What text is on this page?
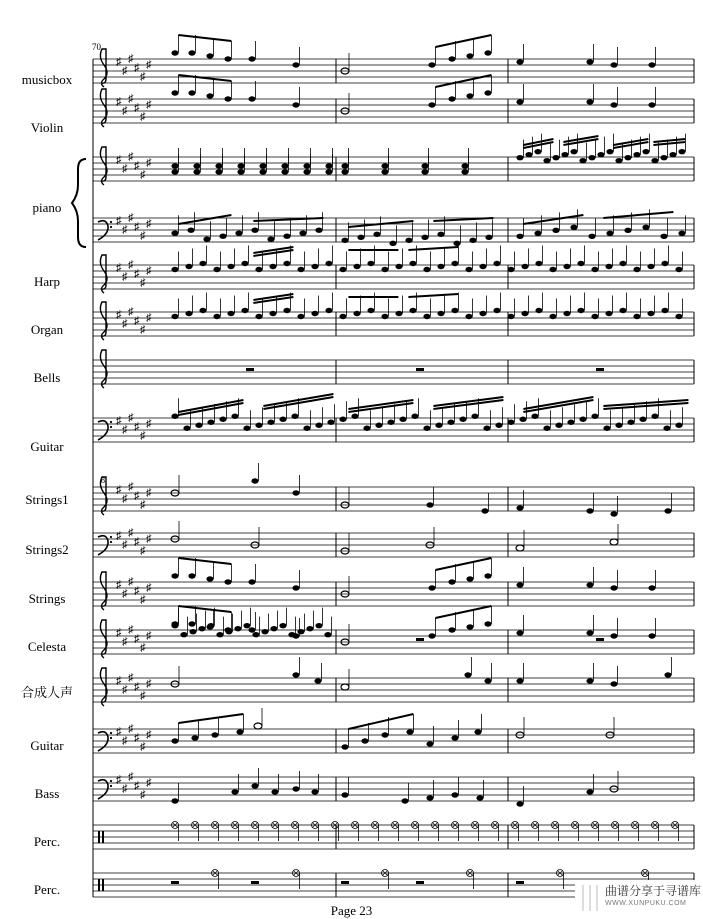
♯
♯
♯
♯
♯
♯
♯
♯
♯
♯
♯
♯
♯
♯
♯
♯
♯
♯
♯
♯
♯
♯
♯
♯
♯
♯
♯
♯
♯
♯
♯
♯
♯
♯
♯
♯
♯
♯
♯
♯
♯
♯
8
♯
♯
♯
♯
♯
♯
♯
♯
♯
♯
♯
♯
♯
♯
♯
♯
♯
♯
♯
♯
♯
♯
♯
♯
♯
♯
♯
♯
♯
♯
♯
♯
♯
♯
♯
♯
♯
♯
♯
♯
♯
♯
musicbox
Violin
piano
Harp
Organ
Bells
Guitar
Strings1
Strings2
Strings
Celesta
合成人声
Guitar
Bass
Perc.
Perc.
70
Page 23
曲谱分享于寻谱库
WWW.XUNPUKU.COM
